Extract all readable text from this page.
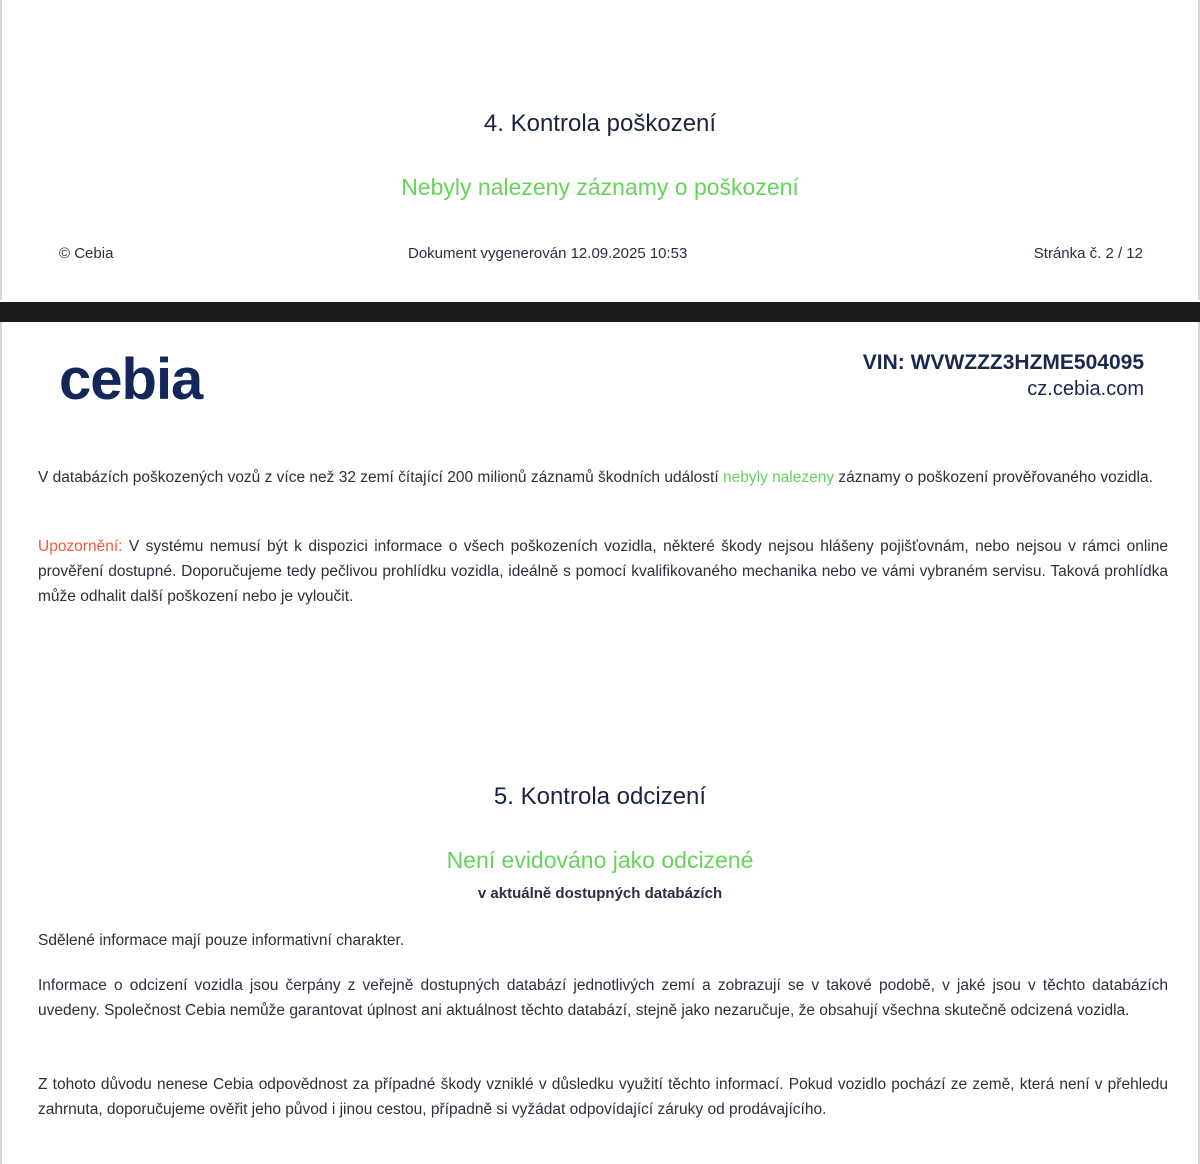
4. Kontrola poškození

Nebyly nalezeny záznamy o poškození

© Cebia	Dokument vygenerován 12.09.2025 10:53	Stránka č. 2 / 12
cebia	VIN: WVWZZZ3HZME504095
cz.cebia.com

V databázích poškozených vozů z více než 32 zemí čítající 200 milionů záznamů škodních událostí nebyly nalezeny záznamy o poškození prověřovaného vozidla.

Upozornění: V systému nemusí být k dispozici informace o všech poškozeních vozidla, některé škody nejsou hlášeny pojišťovnám, nebo nejsou v rámci online prověření dostupné. Doporučujeme tedy pečlivou prohlídku vozidla, ideálně s pomocí kvalifikovaného mechanika nebo ve vámi vybraném servisu. Taková prohlídka může odhalit další poškození nebo je vyloučit.

5. Kontrola odcizení

Není evidováno jako odcizené

v aktuálně dostupných databázích

Sdělené informace mají pouze informativní charakter.

Informace o odcizení vozidla jsou čerpány z veřejně dostupných databází jednotlivých zemí a zobrazují se v takové podobě, v jaké jsou v těchto databázích uvedeny. Společnost Cebia nemůže garantovat úplnost ani aktuálnost těchto databází, stejně jako nezaručuje, že obsahují všechna skutečně odcizená vozidla.

Z tohoto důvodu nenese Cebia odpovědnost za případné škody vzniklé v důsledku využití těchto informací. Pokud vozidlo pochází ze země, která není v přehledu zahrnuta, doporučujeme ověřit jeho původ i jinou cestou, případně si vyžádat odpovídající záruky od prodávajícího.
